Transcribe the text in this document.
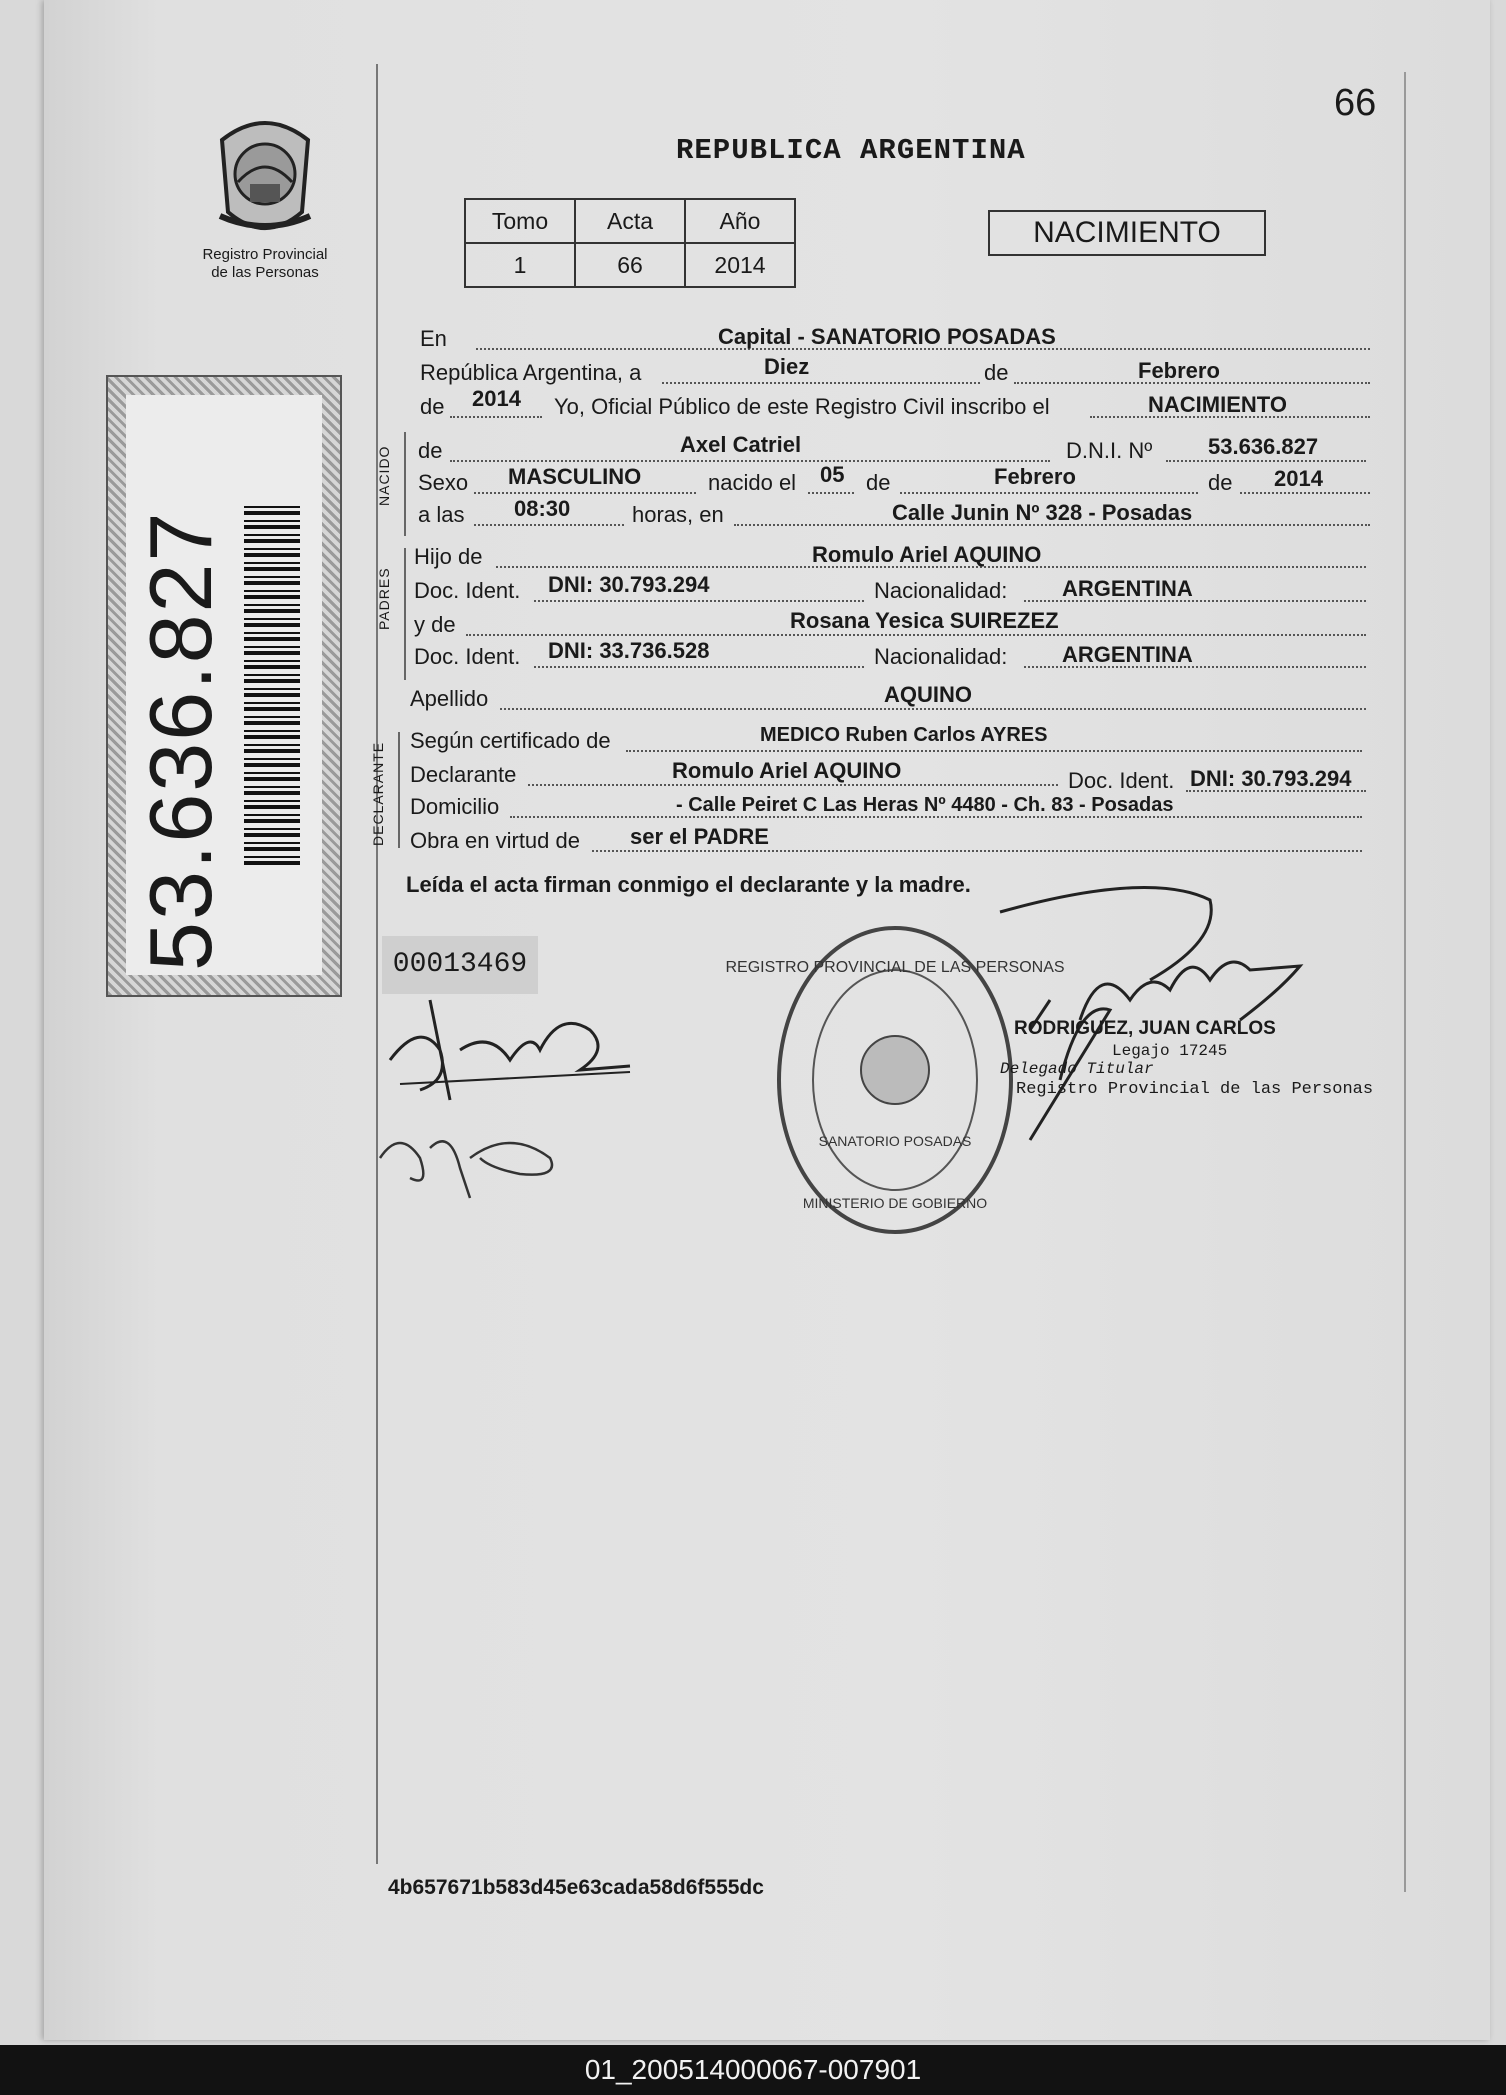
66
Registro Provincial
de las Personas
53.636.827
REPUBLICA ARGENTINA
Tomo	Acta	Año
1	66	2014
NACIMIENTO
En	Capital - SANATORIO POSADAS
República Argentina, a	Diez	de	Febrero
de 2014 Yo, Oficial Público de este Registro Civil inscribo el	NACIMIENTO
NACIDO de	Axel Catriel	D.N.I. Nº	53.636.827
Sexo MASCULINO	nacido el 05 de	Febrero	de 2014
a las 08:30	horas, en	Calle Junin Nº 328 - Posadas
PADRES
Hijo de	Romulo Ariel AQUINO
Doc. Ident. DNI: 30.793.294	Nacionalidad: ARGENTINA
y de	Rosana Yesica SUIREZEZ
Doc. Ident. DNI: 33.736.528	Nacionalidad: ARGENTINA
Apellido	AQUINO
DECLARANTE
Según certificado de	MEDICO Ruben Carlos AYRES
Declarante	Romulo Ariel AQUINO	Doc. Ident. DNI: 30.793.294
Domicilio	- Calle Peiret C Las Heras Nº 4480 - Ch. 83 - Posadas
Obra en virtud de ser el PADRE
Leída el acta firman conmigo el declarante y la madre.
00013469	REGISTRO PROVINCIAL DE LAS PERSONAS
SANATORIO POSADAS
MINISTERIO DE GOBIERNO
RODRIGUEZ, JUAN CARLOS
Legajo 17245
Delegado Titular
Registro Provincial de las Personas
4b657671b583d45e63cada58d6f555dc
01_200514000067-007901
